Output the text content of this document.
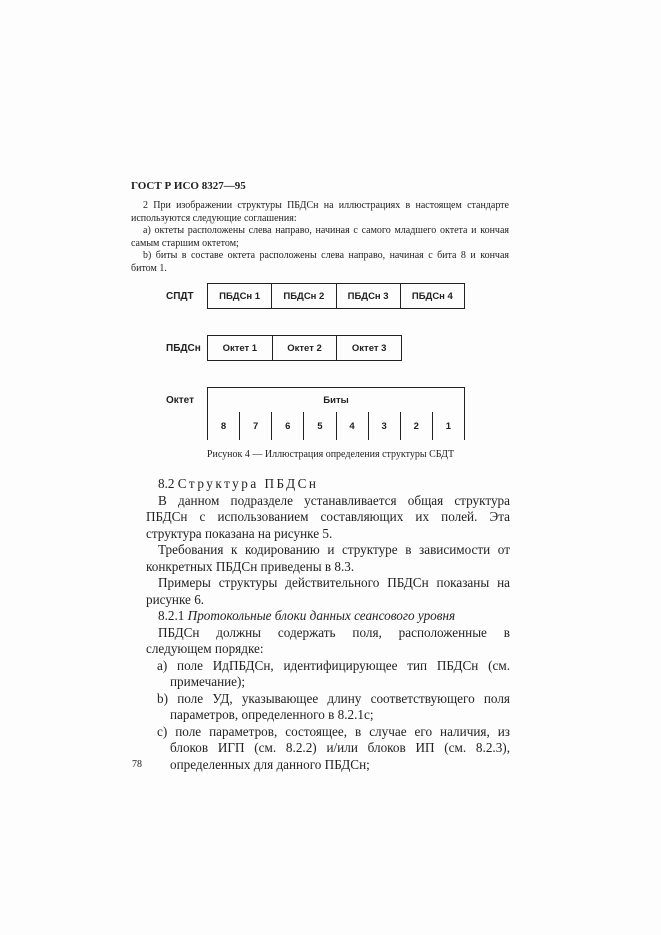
ГОСТ Р ИСО 8327—95
2 При изображении структуры ПБДСн на иллюстрациях в настоящем стандарте используются следующие соглашения:
a) октеты расположены слева направо, начиная с самого младшего октета и кончая самым старшим октетом;
b) биты в составе октета расположены слева направо, начиная с бита 8 и кончая битом 1.
СПДТ	ПБДСн 1	ПБДСн 2	ПБДСн 3	ПБДСн 4
ПБДСн	Октет 1	Октет 2	Октет 3
Октет	Биты
8	7	6	5	4	3	2	1
Рисунок 4 — Иллюстрация определения структуры СБДТ
8.2 Структура ПБДСн
В данном подразделе устанавливается общая структура ПБДСн с использованием составляющих их полей. Эта структура показана на рисунке 5.
Требования к кодированию и структуре в зависимости от конкретных ПБДСн приведены в 8.3.
Примеры структуры действительного ПБДСн показаны на рисунке 6.
8.2.1 Протокольные блоки данных сеансового уровня
ПБДСн должны содержать поля, расположенные в следующем порядке:
a) поле ИдПБДСн, идентифицирующее тип ПБДСн (см. примечание);
b) поле УД, указывающее длину соответствующего поля параметров, определенного в 8.2.1c;
c) поле параметров, состоящее, в случае его наличия, из блоков ИГП (см. 8.2.2) и/или блоков ИП (см. 8.2.3), определенных для данного ПБДСн;
78
